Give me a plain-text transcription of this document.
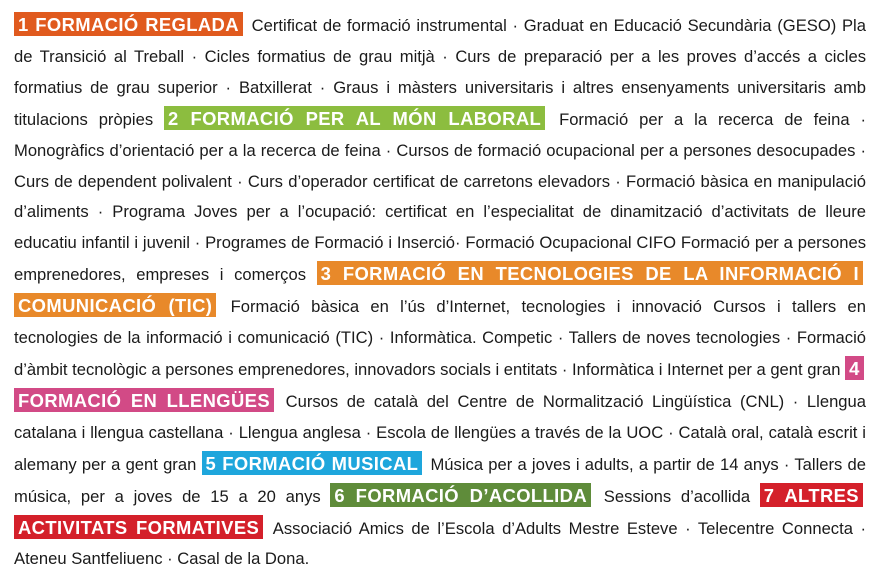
1 FORMACIÓ REGLADA Certificat de formació instrumental · Graduat en Educació Secundària (GESO) Pla de Transició al Treball · Cicles formatius de grau mitjà · Curs de preparació per a les proves d’accés a cicles formatius de grau superior · Batxillerat · Graus i màsters universitaris i altres ensenyaments universitaris amb titulacions pròpies 2 FORMACIÓ PER AL MÓN LABORAL Formació per a la recerca de feina · Monogràfics d’orientació per a la recerca de feina · Cursos de formació ocupacional per a persones desocupades · Curs de dependent polivalent · Curs d’operador certificat de carretons elevadors · Formació bàsica en manipulació d’aliments · Programa Joves per a l’ocupació: certificat en l’especialitat de dinamització d’activitats de lleure educatiu infantil i juvenil · Programes de Formació i Inserció· Formació Ocupacional CIFO Formació per a persones emprenedores, empreses i comerços 3 FORMACIÓ EN TECNOLOGIES DE LA INFORMACIÓ I COMUNICACIÓ (TIC) Formació bàsica en l’ús d’Internet, tecnologies i innovació Cursos i tallers en tecnologies de la informació i comunicació (TIC) · Informàtica. Competic · Tallers de noves tecnologies · Formació d’àmbit tecnològic a persones emprenedores, innovadors socials i entitats · Informàtica i Internet per a gent gran 4 FORMACIÓ EN LLENGÜES Cursos de català del Centre de Normalització Lingüística (CNL) · Llengua catalana i llengua castellana · Llengua anglesa · Escola de llengües a través de la UOC · Català oral, català escrit i alemany per a gent gran 5 FORMACIÓ MUSICAL Música per a joves i adults, a partir de 14 anys · Tallers de música, per a joves de 15 a 20 anys 6 FORMACIÓ D’ACOLLIDA Sessions d’acollida 7 ALTRES ACTIVITATS FORMATIVES Associació Amics de l’Escola d’Adults Mestre Esteve · Telecentre Connecta · Ateneu Santfeliuenc · Casal de la Dona.
